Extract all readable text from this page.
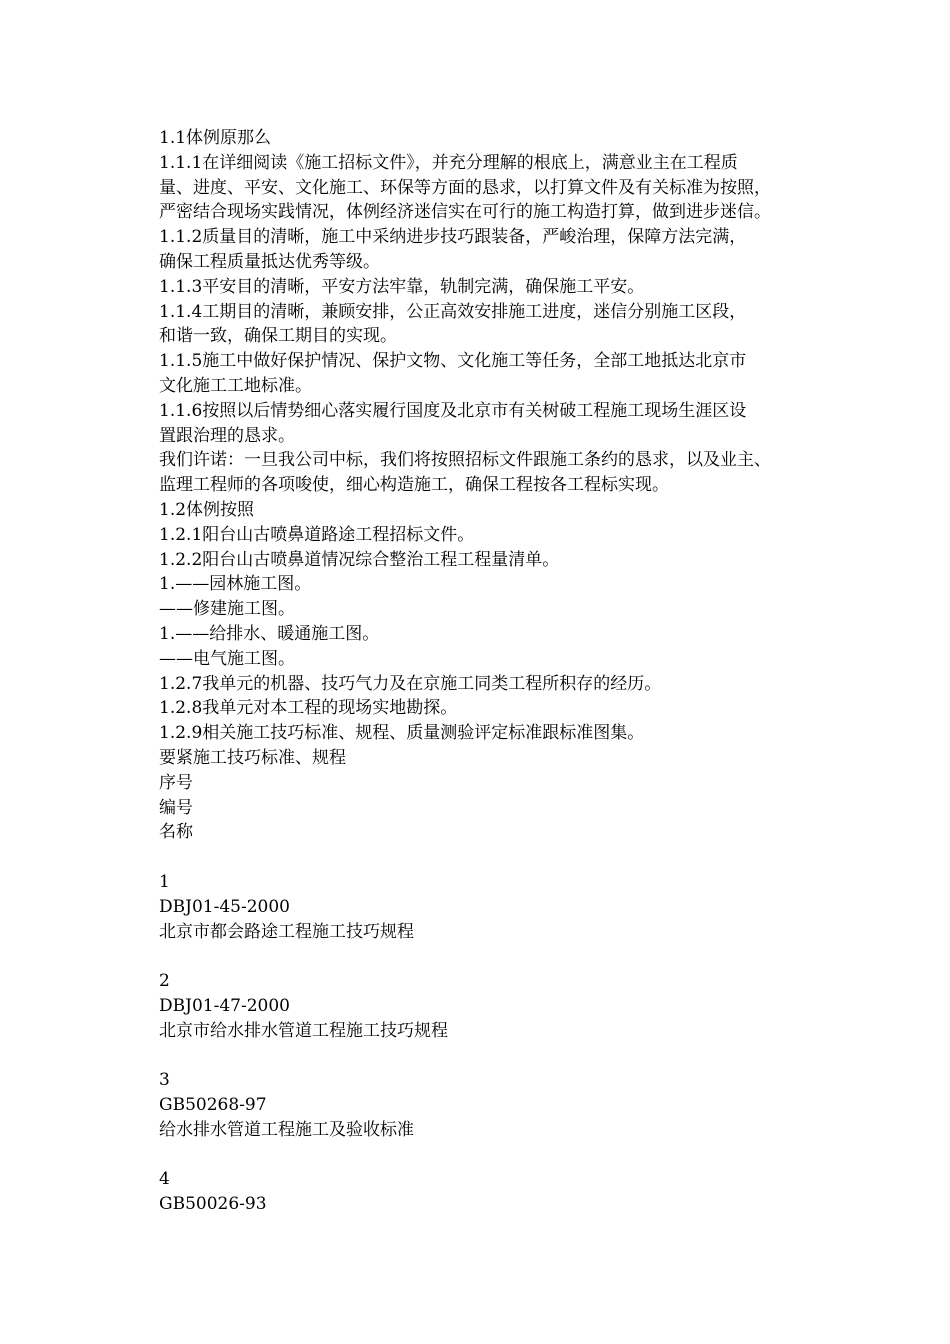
1.1体例原那么
1.1.1在详细阅读《施工招标文件》，并充分理解的根底上，满意业主在工程质
量、进度、平安、文化施工、环保等方面的恳求，以打算文件及有关标准为按照，
严密结合现场实践情况，体例经济迷信实在可行的施工构造打算，做到进步迷信。
1.1.2质量目的清晰，施工中采纳进步技巧跟装备，严峻治理，保障方法完满，
确保工程质量抵达优秀等级。
1.1.3平安目的清晰，平安方法牢靠，轨制完满，确保施工平安。
1.1.4工期目的清晰，兼顾安排，公正高效安排施工进度，迷信分别施工区段，
和谐一致，确保工期目的实现。
1.1.5施工中做好保护情况、保护文物、文化施工等任务，全部工地抵达北京市
文化施工工地标准。
1.1.6按照以后情势细心落实履行国度及北京市有关树破工程施工现场生涯区设
置跟治理的恳求。
我们许诺：一旦我公司中标，我们将按照招标文件跟施工条约的恳求，以及业主、
监理工程师的各项唆使，细心构造施工，确保工程按各工程标实现。
1.2体例按照
1.2.1阳台山古喷鼻道路途工程招标文件。
1.2.2阳台山古喷鼻道情况综合整治工程工程量清单。
1.——园林施工图。
——修建施工图。
1.——给排水、暖通施工图。
——电气施工图。
1.2.7我单元的机器、技巧气力及在京施工同类工程所积存的经历。
1.2.8我单元对本工程的现场实地勘探。
1.2.9相关施工技巧标准、规程、质量测验评定标准跟标准图集。
要紧施工技巧标准、规程
序号
编号
名称
1
DBJ01-45-2000
北京市都会路途工程施工技巧规程
2
DBJ01-47-2000
北京市给水排水管道工程施工技巧规程
3
GB50268-97
给水排水管道工程施工及验收标准
4
GB50026-93
